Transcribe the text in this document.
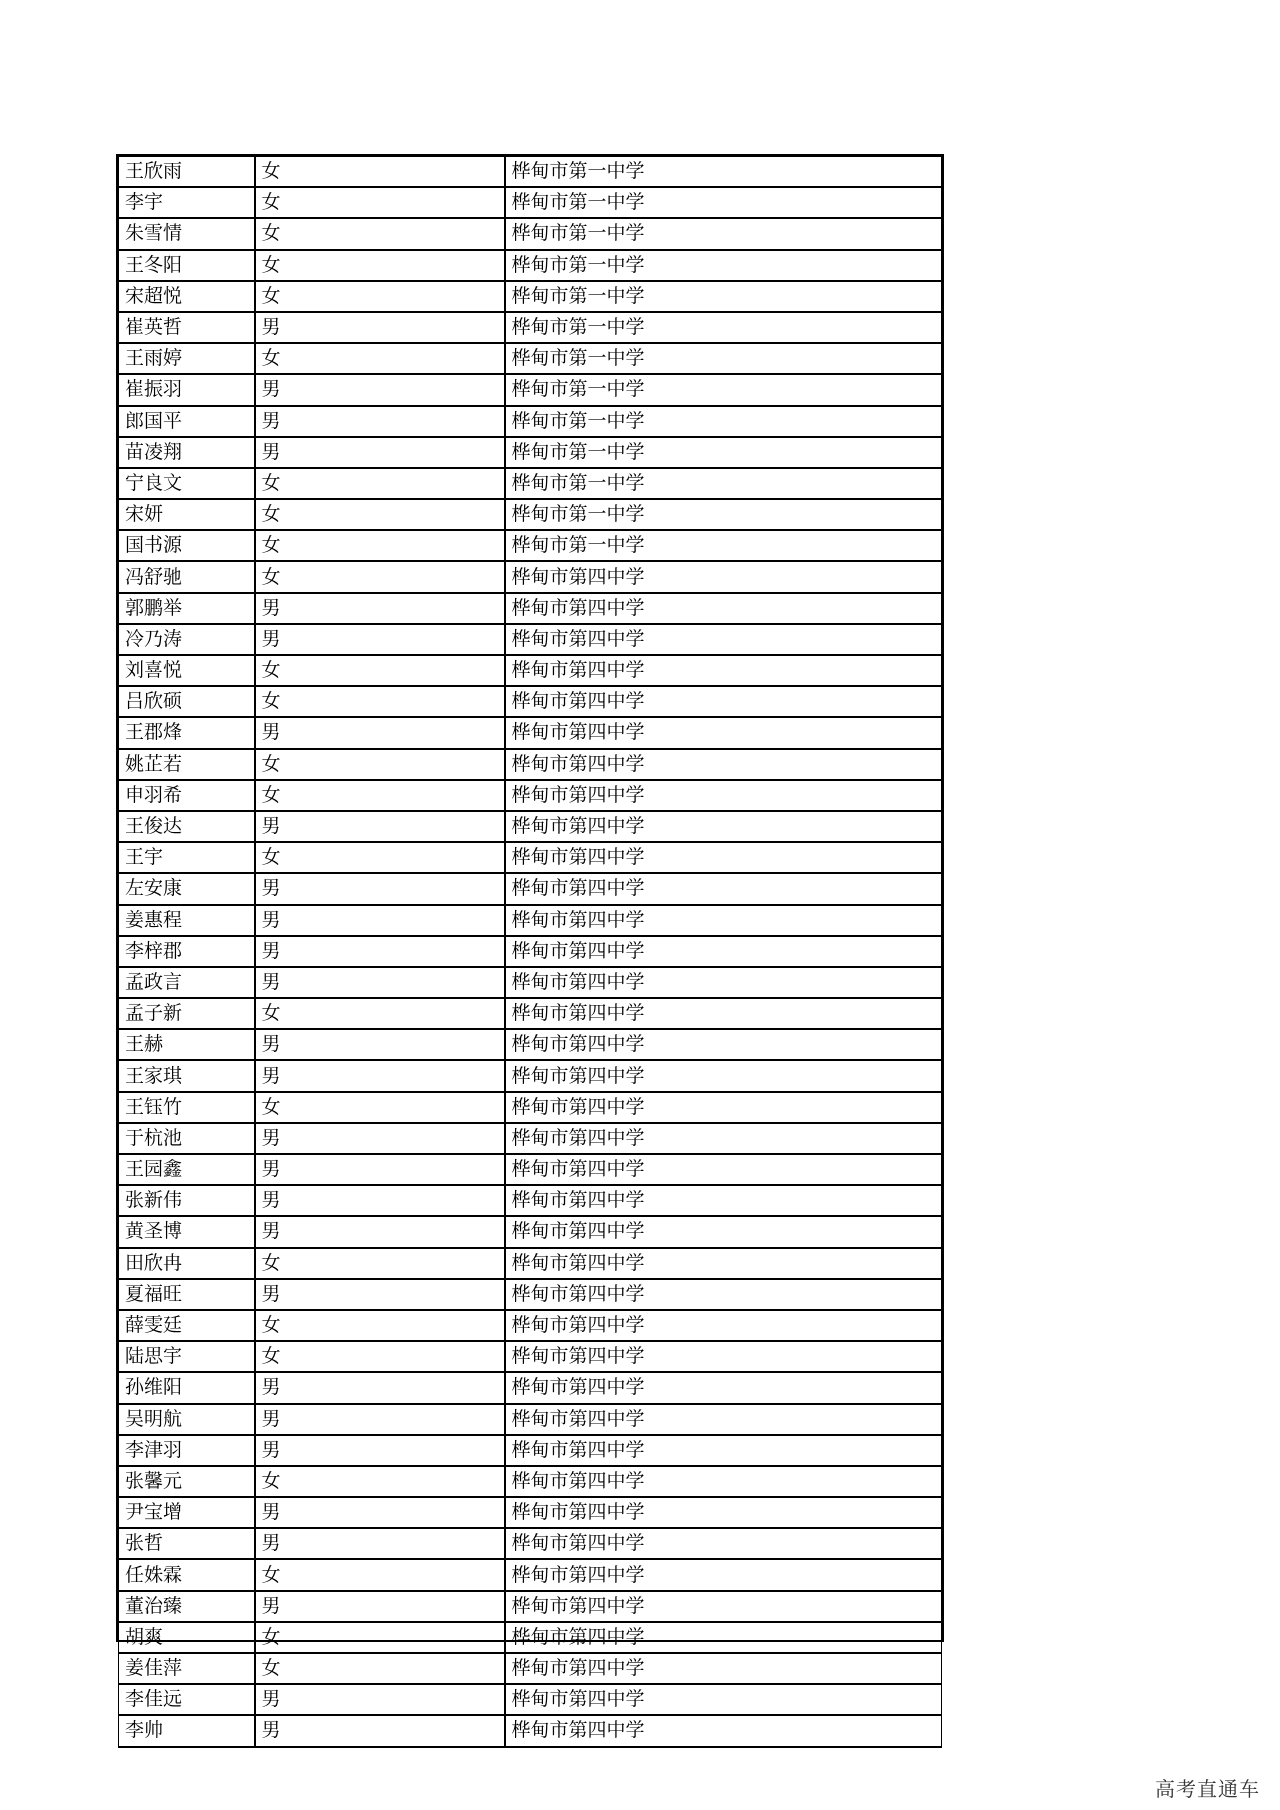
王欣雨	女	桦甸市第一中学
李宇	女	桦甸市第一中学
朱雪情	女	桦甸市第一中学
王冬阳	女	桦甸市第一中学
宋超悦	女	桦甸市第一中学
崔英哲	男	桦甸市第一中学
王雨婷	女	桦甸市第一中学
崔振羽	男	桦甸市第一中学
郎国平	男	桦甸市第一中学
苗凌翔	男	桦甸市第一中学
宁良文	女	桦甸市第一中学
宋妍	女	桦甸市第一中学
国书源	女	桦甸市第一中学
冯舒驰	女	桦甸市第四中学
郭鹏举	男	桦甸市第四中学
冷乃涛	男	桦甸市第四中学
刘喜悦	女	桦甸市第四中学
吕欣硕	女	桦甸市第四中学
王郡烽	男	桦甸市第四中学
姚芷若	女	桦甸市第四中学
申羽希	女	桦甸市第四中学
王俊达	男	桦甸市第四中学
王宇	女	桦甸市第四中学
左安康	男	桦甸市第四中学
姜惠程	男	桦甸市第四中学
李梓郡	男	桦甸市第四中学
孟政言	男	桦甸市第四中学
孟子新	女	桦甸市第四中学
王赫	男	桦甸市第四中学
王家琪	男	桦甸市第四中学
王钰竹	女	桦甸市第四中学
于杭池	男	桦甸市第四中学
王园鑫	男	桦甸市第四中学
张新伟	男	桦甸市第四中学
黄圣博	男	桦甸市第四中学
田欣冉	女	桦甸市第四中学
夏福旺	男	桦甸市第四中学
薛雯廷	女	桦甸市第四中学
陆思宇	女	桦甸市第四中学
孙维阳	男	桦甸市第四中学
吴明航	男	桦甸市第四中学
李津羽	男	桦甸市第四中学
张馨元	女	桦甸市第四中学
尹宝增	男	桦甸市第四中学
张哲	男	桦甸市第四中学
任姝霖	女	桦甸市第四中学
董治臻	男	桦甸市第四中学
胡爽	女	桦甸市第四中学
姜佳萍	女	桦甸市第四中学
李佳远	男	桦甸市第四中学
李帅	男	桦甸市第四中学
高考直通车
